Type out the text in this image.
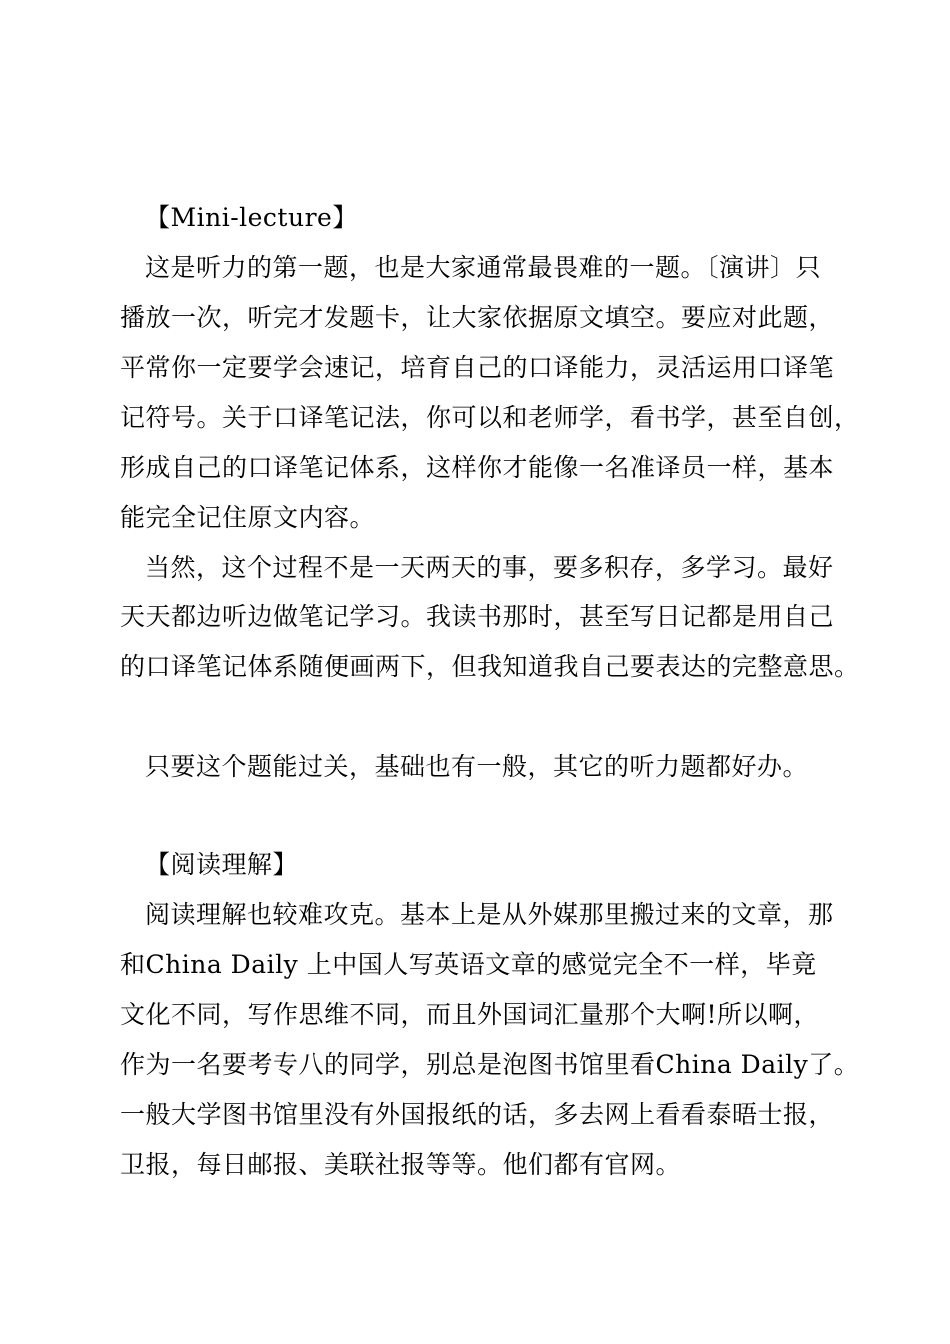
【Mini-lecture】
这是听力的第一题，也是大家通常最畏难的一题。〔演讲〕只
播放一次，听完才发题卡，让大家依据原文填空。要应对此题，
平常你一定要学会速记，培育自己的口译能力，灵活运用口译笔
记符号。关于口译笔记法，你可以和老师学，看书学，甚至自创，
形成自己的口译笔记体系，这样你才能像一名准译员一样，基本
能完全记住原文内容。
当然，这个过程不是一天两天的事，要多积存，多学习。最好
天天都边听边做笔记学习。我读书那时，甚至写日记都是用自己
的口译笔记体系随便画两下，但我知道我自己要表达的完整意思。
只要这个题能过关，基础也有一般，其它的听力题都好办。
【阅读理解】
阅读理解也较难攻克。基本上是从外媒那里搬过来的文章，那
和China Daily 上中国人写英语文章的感觉完全不一样，毕竟
文化不同，写作思维不同，而且外国词汇量那个大啊!所以啊，
作为一名要考专八的同学，别总是泡图书馆里看China Daily了。
一般大学图书馆里没有外国报纸的话，多去网上看看泰晤士报，
卫报，每日邮报、美联社报等等。他们都有官网。
